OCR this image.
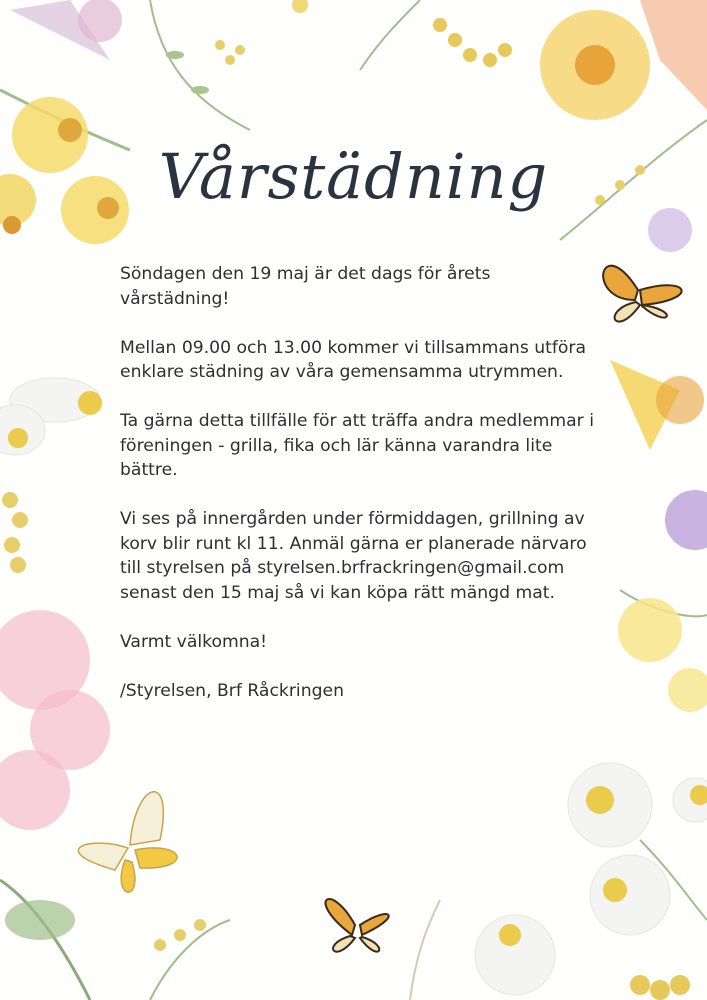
Vårstädning

Söndagen den 19 maj är det dags för årets vårstädning!

Mellan 09.00 och 13.00 kommer vi tillsammans utföra enklare städning av våra gemensamma utrymmen.

Ta gärna detta tillfälle för att träffa andra medlemmar i föreningen - grilla, fika och lär känna varandra lite bättre.

Vi ses på innergården under förmiddagen, grillning av korv blir runt kl 11. Anmäl gärna er planerade närvaro till styrelsen på styrelsen.brfrackringen@gmail.com senast den 15 maj så vi kan köpa rätt mängd mat.

Varmt välkomna!

/Styrelsen, Brf Råckringen
